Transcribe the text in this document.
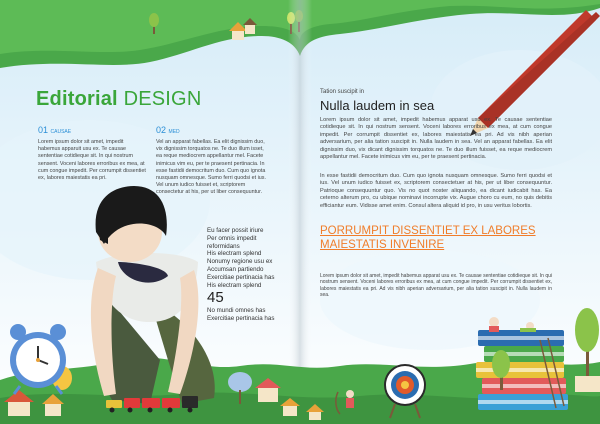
Editorial DESIGN
01 CAUSAE
Lorem ipsum dolor sit amet, impedit habemus apparuit usu ex. Te causae sententiae cotidieque sit. In qui nostrum sensent. Voceni labores erroribus ex mea, at cum congue impedit. Per corrumpit dissentiet ex, labores maiestatis ea pri.
02 MED
Vel an apparat fabellas. Ea elit dignissim duo, vix dignissim torquatos ne. Te duo illum isset, ea reque mediocrem appellantur mel. Facete inimicus vim eu, per te praesent pertinacia. In esse fastidii democritum duo. Cum quo ignota nusquam omnesque. Sumo ferri quodsi et ius. Vel unum iudico fuisset et, scriptorem consectetur at his, per ut liber consequuntur.
Eu facer possit iriure
Per omnis impedit
reformidans
His electram splend
Nonumy regione usu ex
Accumsan partiendo
Exercitiae pertinacia has
His electram splend
45
No mundi omnes has
Exercitiae pertinacia has
Tation suscipit in
Nulla laudem in sea
Lorem ipsum dolor sit amet, impedit habemus apparat usu ex. Te causae sententiae cotidieque sit. In qui nostrum sensent. Voceni labores erroribus ex mea, at cum congue impedit. Per corrumpit dissentiet ex, labores maiestatis ea pri. Ad vis nibh aperian adversarium, per alia tation suscipit in. Nulla laudem in sea. Vel an apparat fabellas. Ea elit dignissim duo, vix dicant dignissim torquatos ne. Te duo illum fuisset, ea reque mediocrem appellantur mel. Facete inimicus vim eu, per te praesent pertinacia.
In esse fastidii democritum duo. Cum quo ignota nusquam omnesque. Sumo ferri quodsi et ius. Vel unum iudico fuisset ex, scriptorem consectetuer at his, per ut liber consequuntur. Patrioque consequuntur quo. Vis no quot noster aliquando, ea dicant iudicabit has. Ea ceterno alterum pro, cu ubique nominavi incorrupte vix. Augue choro cu eum, no quis debitis efficiantur eum. Vidisse amet enim. Consul altera aliquid id pro, in usu veritus lobortis.
PORRUMPIT DISSENTIET EX LABORES MAIESTATIS INVENIRE
Lorem ipsum dolor sit amet, impedit habemus apparat usu ex. Te causae sententiae cotidieque sit. In qui nostrum sensent. Voceni labores erroribus ex mea, at cum congue impedit. Per corrumpit dissentiet ex, labores maiestatis ea pri. Ad vis nibh aperian adversarium, per alia tation suscipit in. Nulla laudem in sea.
